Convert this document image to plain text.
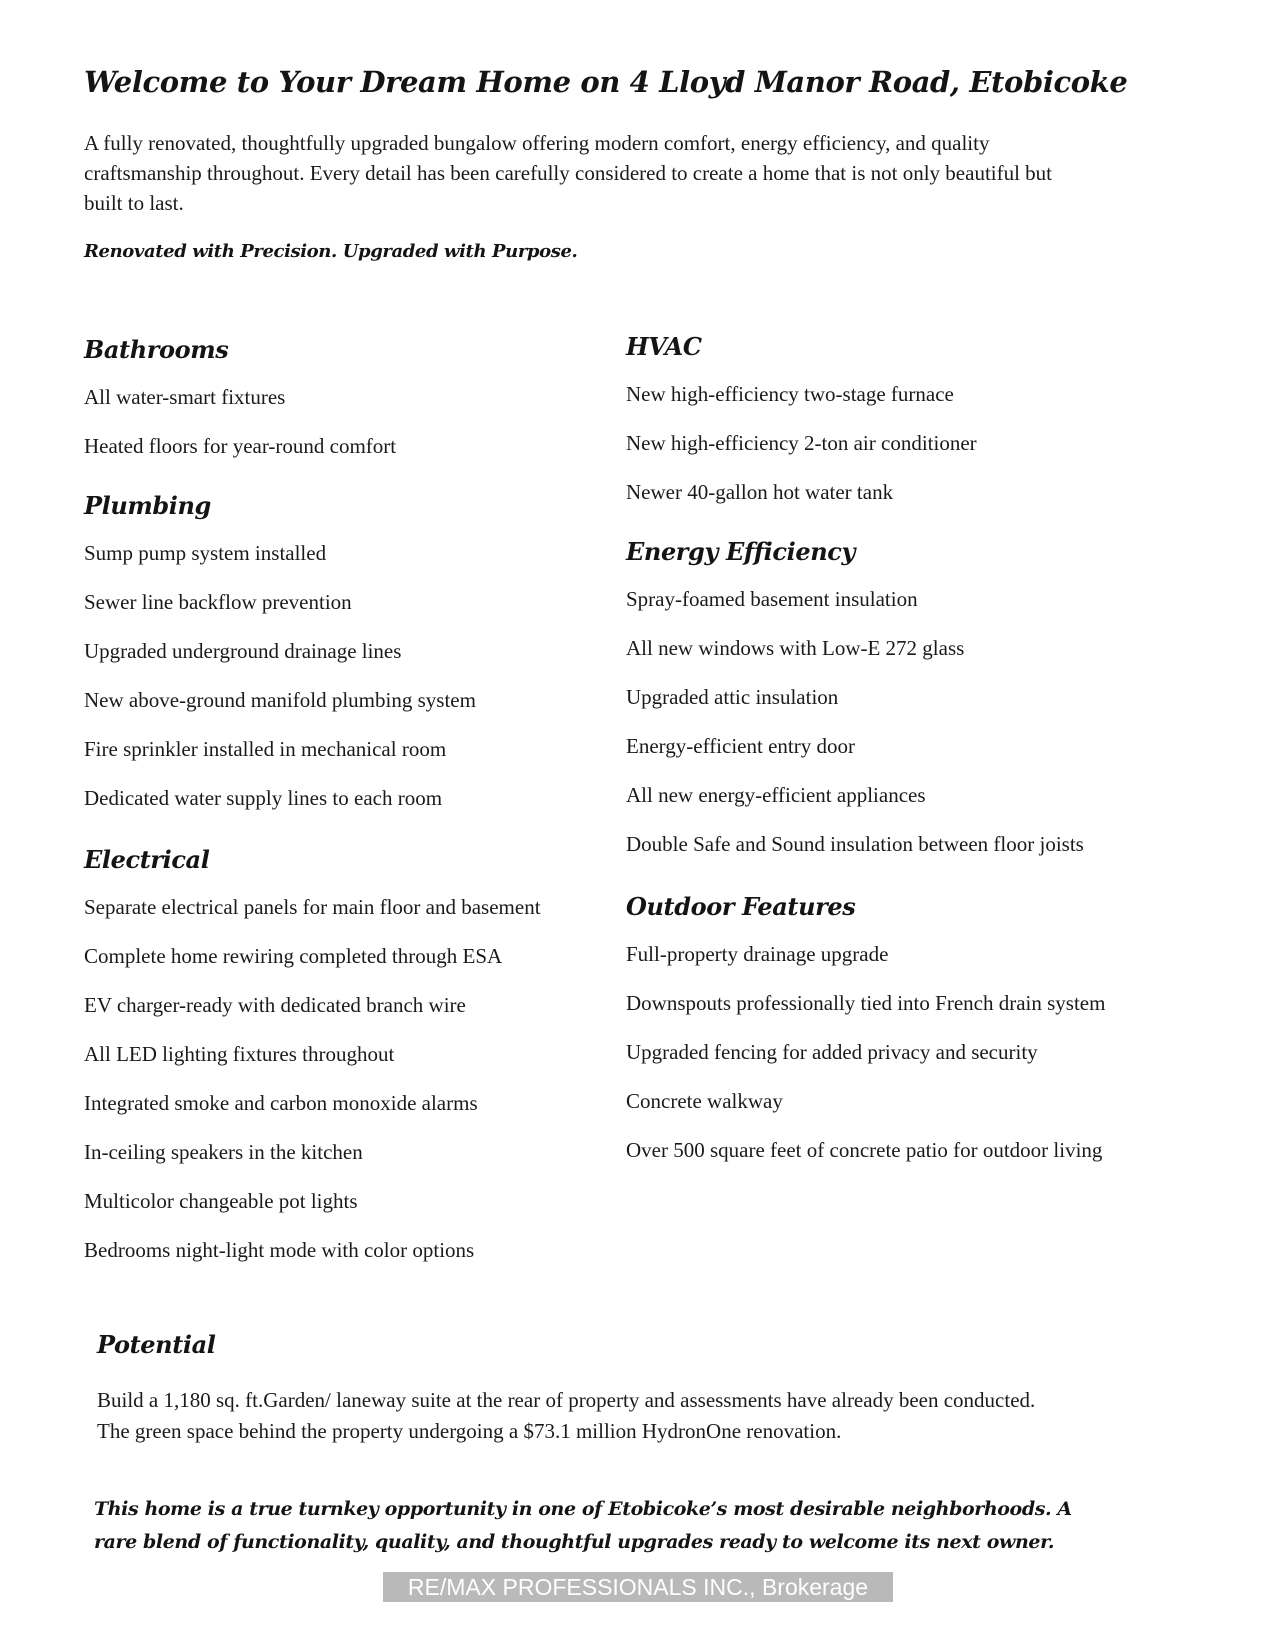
Welcome to Your Dream Home on 4 Lloyd Manor Road, Etobicoke

A fully renovated, thoughtfully upgraded bungalow offering modern comfort, energy efficiency, and quality craftsmanship throughout. Every detail has been carefully considered to create a home that is not only beautiful but built to last.

Renovated with Precision. Upgraded with Purpose.

Bathrooms
All water-smart fixtures
Heated floors for year-round comfort
Plumbing
Sump pump system installed
Sewer line backflow prevention
Upgraded underground drainage lines
New above-ground manifold plumbing system
Fire sprinkler installed in mechanical room
Dedicated water supply lines to each room
Electrical
Separate electrical panels for main floor and basement
Complete home rewiring completed through ESA
EV charger-ready with dedicated branch wire
All LED lighting fixtures throughout
Integrated smoke and carbon monoxide alarms
In-ceiling speakers in the kitchen
Multicolor changeable pot lights
Bedrooms night-light mode with color options
HVAC
New high-efficiency two-stage furnace
New high-efficiency 2-ton air conditioner
Newer 40-gallon hot water tank
Energy Efficiency
Spray-foamed basement insulation
All new windows with Low-E 272 glass
Upgraded attic insulation
Energy-efficient entry door
All new energy-efficient appliances
Double Safe and Sound insulation between floor joists
Outdoor Features
Full-property drainage upgrade
Downspouts professionally tied into French drain system
Upgraded fencing for added privacy and security
Concrete walkway
Over 500 square feet of concrete patio for outdoor living
Potential

Build a 1,180 sq. ft.Garden/ laneway suite at the rear of property and assessments have already been conducted. The green space behind the property undergoing a $73.1 million HydronOne renovation.

This home is a true turnkey opportunity in one of Etobicoke’s most desirable neighborhoods. A rare blend of functionality, quality, and thoughtful upgrades ready to welcome its next owner.

RE/MAX PROFESSIONALS INC., Brokerage
